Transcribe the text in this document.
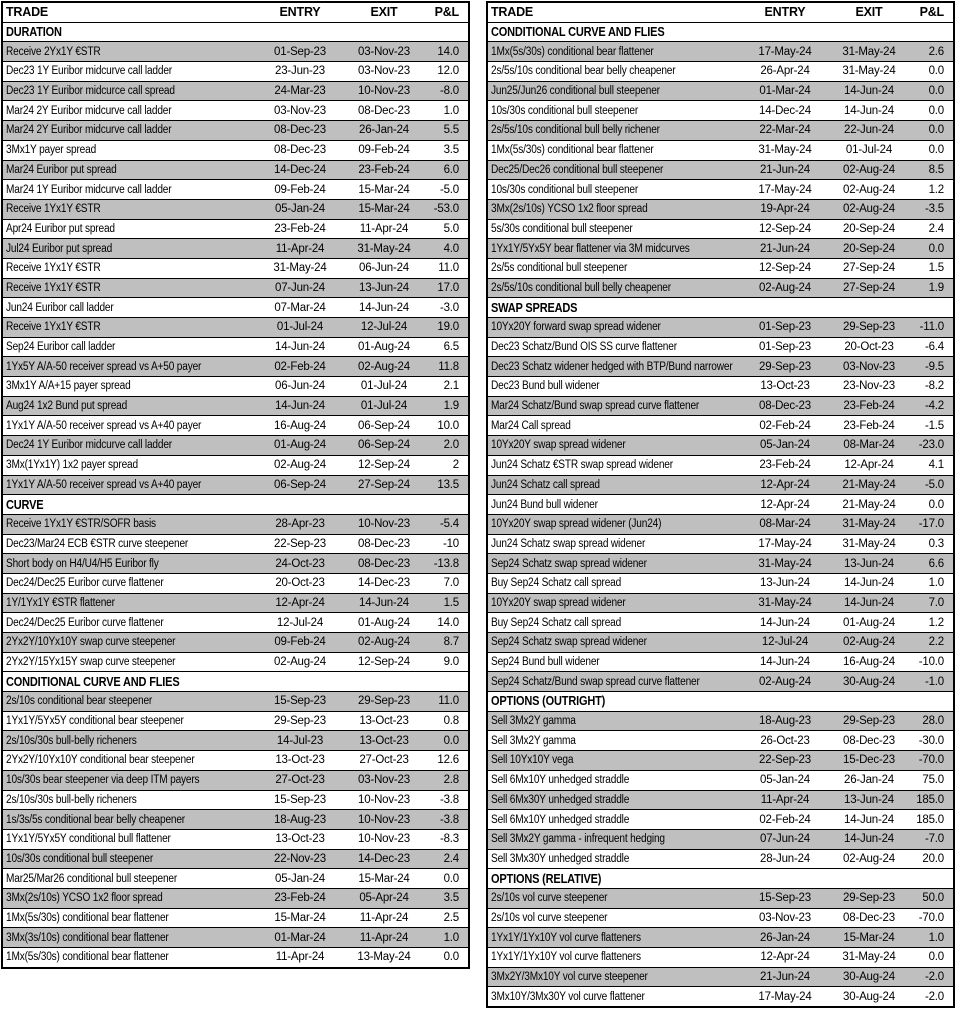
TRADE	ENTRY	EXIT	P&L
DURATION
Receive 2Yx1Y €STR	01-Sep-23	03-Nov-23	14.0
Dec23 1Y Euribor midcurve call ladder	23-Jun-23	03-Nov-23	12.0
Dec23 1Y Euribor midcurce call spread	24-Mar-23	10-Nov-23	-8.0
Mar24 2Y Euribor midcurve call ladder	03-Nov-23	08-Dec-23	1.0
Mar24 2Y Euribor midcurve call ladder	08-Dec-23	26-Jan-24	5.5
3Mx1Y payer spread	08-Dec-23	09-Feb-24	3.5
Mar24 Euribor put spread	14-Dec-24	23-Feb-24	6.0
Mar24 1Y Euribor midcurve call ladder	09-Feb-24	15-Mar-24	-5.0
Receive 1Yx1Y €STR	05-Jan-24	15-Mar-24	-53.0
Apr24 Euribor put spread	23-Feb-24	11-Apr-24	5.0
Jul24 Euribor put spread	11-Apr-24	31-May-24	4.0
Receive 1Yx1Y €STR	31-May-24	06-Jun-24	11.0
Receive 1Yx1Y €STR	07-Jun-24	13-Jun-24	17.0
Jun24 Euribor call ladder	07-Mar-24	14-Jun-24	-3.0
Receive 1Yx1Y €STR	01-Jul-24	12-Jul-24	19.0
Sep24 Euribor call ladder	14-Jun-24	01-Aug-24	6.5
1Yx5Y A/A-50 receiver spread vs A+50 payer	02-Feb-24	02-Aug-24	11.8
3Mx1Y A/A+15 payer spread	06-Jun-24	01-Jul-24	2.1
Aug24 1x2 Bund put spread	14-Jun-24	01-Jul-24	1.9
1Yx1Y A/A-50 receiver spread vs A+40 payer	16-Aug-24	06-Sep-24	10.0
Dec24 1Y Euribor midcurve call ladder	01-Aug-24	06-Sep-24	2.0
3Mx(1Yx1Y) 1x2 payer spread	02-Aug-24	12-Sep-24	2
1Yx1Y A/A-50 receiver spread vs A+40 payer	06-Sep-24	27-Sep-24	13.5
CURVE
Receive 1Yx1Y €STR/SOFR basis	28-Apr-23	10-Nov-23	-5.4
Dec23/Mar24 ECB €STR curve steepener	22-Sep-23	08-Dec-23	-10
Short body on H4/U4/H5 Euribor fly	24-Oct-23	08-Dec-23	-13.8
Dec24/Dec25 Euribor curve flattener	20-Oct-23	14-Dec-23	7.0
1Y/1Yx1Y €STR flattener	12-Apr-24	14-Jun-24	1.5
Dec24/Dec25 Euribor curve flattener	12-Jul-24	01-Aug-24	14.0
2Yx2Y/10Yx10Y swap curve steepener	09-Feb-24	02-Aug-24	8.7
2Yx2Y/15Yx15Y swap curve steepener	02-Aug-24	12-Sep-24	9.0
CONDITIONAL CURVE AND FLIES
2s/10s conditional bear steepener	15-Sep-23	29-Sep-23	11.0
1Yx1Y/5Yx5Y conditional bear steepener	29-Sep-23	13-Oct-23	0.8
2s/10s/30s bull-belly richeners	14-Jul-23	13-Oct-23	0.0
2Yx2Y/10Yx10Y conditional bear steepener	13-Oct-23	27-Oct-23	12.6
10s/30s bear steepener via deep ITM payers	27-Oct-23	03-Nov-23	2.8
2s/10s/30s bull-belly richeners	15-Sep-23	10-Nov-23	-3.8
1s/3s/5s conditional bear belly cheapener	18-Aug-23	10-Nov-23	-3.8
1Yx1Y/5Yx5Y conditional bull flattener	13-Oct-23	10-Nov-23	-8.3
10s/30s conditional bull steepener	22-Nov-23	14-Dec-23	2.4
Mar25/Mar26 conditional bull steepener	05-Jan-24	15-Mar-24	0.0
3Mx(2s/10s) YCSO 1x2 floor spread	23-Feb-24	05-Apr-24	3.5
1Mx(5s/30s) conditional bear flattener	15-Mar-24	11-Apr-24	2.5
3Mx(3s/10s) conditional bear flattener	01-Mar-24	11-Apr-24	1.0
1Mx(5s/30s) conditional bear flattener	11-Apr-24	13-May-24	0.0
TRADE	ENTRY	EXIT	P&L
CONDITIONAL CURVE AND FLIES
1Mx(5s/30s) conditional bear flattener	17-May-24	31-May-24	2.6
2s/5s/10s conditional bear belly cheapener	26-Apr-24	31-May-24	0.0
Jun25/Jun26 conditional bull steepener	01-Mar-24	14-Jun-24	0.0
10s/30s conditional bull steepener	14-Dec-24	14-Jun-24	0.0
2s/5s/10s conditional bull belly richener	22-Mar-24	22-Jun-24	0.0
1Mx(5s/30s) conditional bear flattener	31-May-24	01-Jul-24	0.0
Dec25/Dec26 conditional bull steepener	21-Jun-24	02-Aug-24	8.5
10s/30s conditional bull steepener	17-May-24	02-Aug-24	1.2
3Mx(2s/10s) YCSO 1x2 floor spread	19-Apr-24	02-Aug-24	-3.5
5s/30s conditional bull steepener	12-Sep-24	20-Sep-24	2.4
1Yx1Y/5Yx5Y bear flattener via 3M midcurves	21-Jun-24	20-Sep-24	0.0
2s/5s conditional bull steepener	12-Sep-24	27-Sep-24	1.5
2s/5s/10s conditional bull belly cheapener	02-Aug-24	27-Sep-24	1.9
SWAP SPREADS
10Yx20Y forward swap spread widener	01-Sep-23	29-Sep-23	-11.0
Dec23 Schatz/Bund OIS SS curve flattener	01-Sep-23	20-Oct-23	-6.4
Dec23 Schatz widener hedged with BTP/Bund narrower	29-Sep-23	03-Nov-23	-9.5
Dec23 Bund bull widener	13-Oct-23	23-Nov-23	-8.2
Mar24 Schatz/Bund swap spread curve flattener	08-Dec-23	23-Feb-24	-4.2
Mar24 Call spread	02-Feb-24	23-Feb-24	-1.5
10Yx20Y swap spread widener	05-Jan-24	08-Mar-24	-23.0
Jun24 Schatz €STR swap spread widener	23-Feb-24	12-Apr-24	4.1
Jun24 Schatz call spread	12-Apr-24	21-May-24	-5.0
Jun24 Bund bull widener	12-Apr-24	21-May-24	0.0
10Yx20Y swap spread widener (Jun24)	08-Mar-24	31-May-24	-17.0
Jun24 Schatz swap spread widener	17-May-24	31-May-24	0.3
Sep24 Schatz swap spread widener	31-May-24	13-Jun-24	6.6
Buy Sep24 Schatz call spread	13-Jun-24	14-Jun-24	1.0
10Yx20Y swap spread widener	31-May-24	14-Jun-24	7.0
Buy Sep24 Schatz call spread	14-Jun-24	01-Aug-24	1.2
Sep24 Schatz swap spread widener	12-Jul-24	02-Aug-24	2.2
Sep24 Bund bull widener	14-Jun-24	16-Aug-24	-10.0
Sep24 Schatz/Bund swap spread curve flattener	02-Aug-24	30-Aug-24	-1.0
OPTIONS (OUTRIGHT)
Sell 3Mx2Y gamma	18-Aug-23	29-Sep-23	28.0
Sell 3Mx2Y gamma	26-Oct-23	08-Dec-23	-30.0
Sell 10Yx10Y vega	22-Sep-23	15-Dec-23	-70.0
Sell 6Mx10Y unhedged straddle	05-Jan-24	26-Jan-24	75.0
Sell 6Mx30Y unhedged straddle	11-Apr-24	13-Jun-24	185.0
Sell 6Mx10Y unhedged straddle	02-Feb-24	14-Jun-24	185.0
Sell 3Mx2Y gamma - infrequent hedging	07-Jun-24	14-Jun-24	-7.0
Sell 3Mx30Y unhedged straddle	28-Jun-24	02-Aug-24	20.0
OPTIONS (RELATIVE)
2s/10s vol curve steepener	15-Sep-23	29-Sep-23	50.0
2s/10s vol curve steepener	03-Nov-23	08-Dec-23	-70.0
1Yx1Y/1Yx10Y vol curve flatteners	26-Jan-24	15-Mar-24	1.0
1Yx1Y/1Yx10Y vol curve flatteners	12-Apr-24	31-May-24	0.0
3Mx2Y/3Mx10Y vol curve steepener	21-Jun-24	30-Aug-24	-2.0
3Mx10Y/3Mx30Y vol curve flattener	17-May-24	30-Aug-24	-2.0
